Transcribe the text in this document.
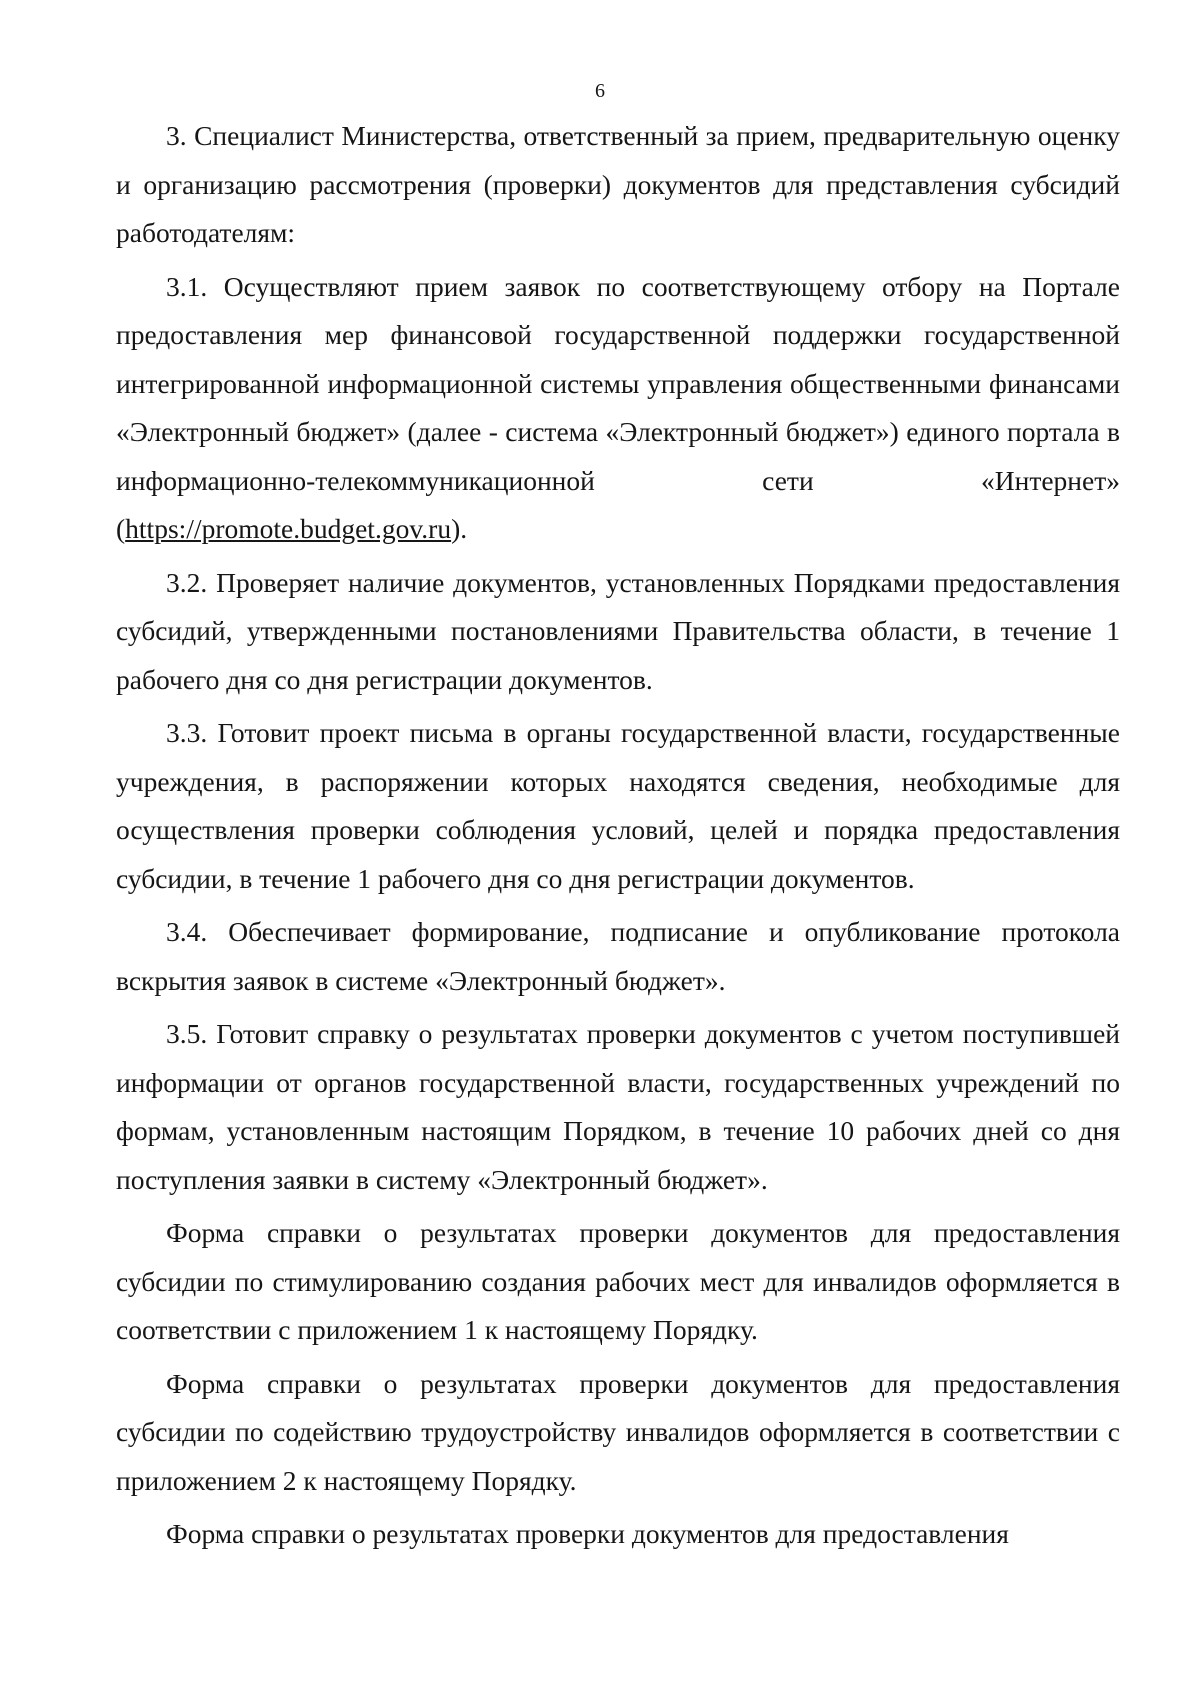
6

3. Специалист Министерства, ответственный за прием, предварительную оценку и организацию рассмотрения (проверки) документов для представления субсидий работодателям:

3.1. Осуществляют прием заявок по соответствующему отбору на Портале предоставления мер финансовой государственной поддержки государственной интегрированной информационной системы управления общественными финансами «Электронный бюджет» (далее - система «Электронный бюджет») единого портала в информационно-телекоммуникационной сети «Интернет» (https://promote.budget.gov.ru).

3.2. Проверяет наличие документов, установленных Порядками предоставления субсидий, утвержденными постановлениями Правительства области, в течение 1 рабочего дня со дня регистрации документов.

3.3. Готовит проект письма в органы государственной власти, государственные учреждения, в распоряжении которых находятся сведения, необходимые для осуществления проверки соблюдения условий, целей и порядка предоставления субсидии, в течение 1 рабочего дня со дня регистрации документов.

3.4. Обеспечивает формирование, подписание и опубликование протокола вскрытия заявок в системе «Электронный бюджет».

3.5. Готовит справку о результатах проверки документов с учетом поступившей информации от органов государственной власти, государственных учреждений по формам, установленным настоящим Порядком, в течение 10 рабочих дней со дня поступления заявки в систему «Электронный бюджет».

Форма справки о результатах проверки документов для предоставления субсидии по стимулированию создания рабочих мест для инвалидов оформляется в соответствии с приложением 1 к настоящему Порядку.

Форма справки о результатах проверки документов для предоставления субсидии по содействию трудоустройству инвалидов оформляется в соответствии с приложением 2 к настоящему Порядку.

Форма справки о результатах проверки документов для предоставления
